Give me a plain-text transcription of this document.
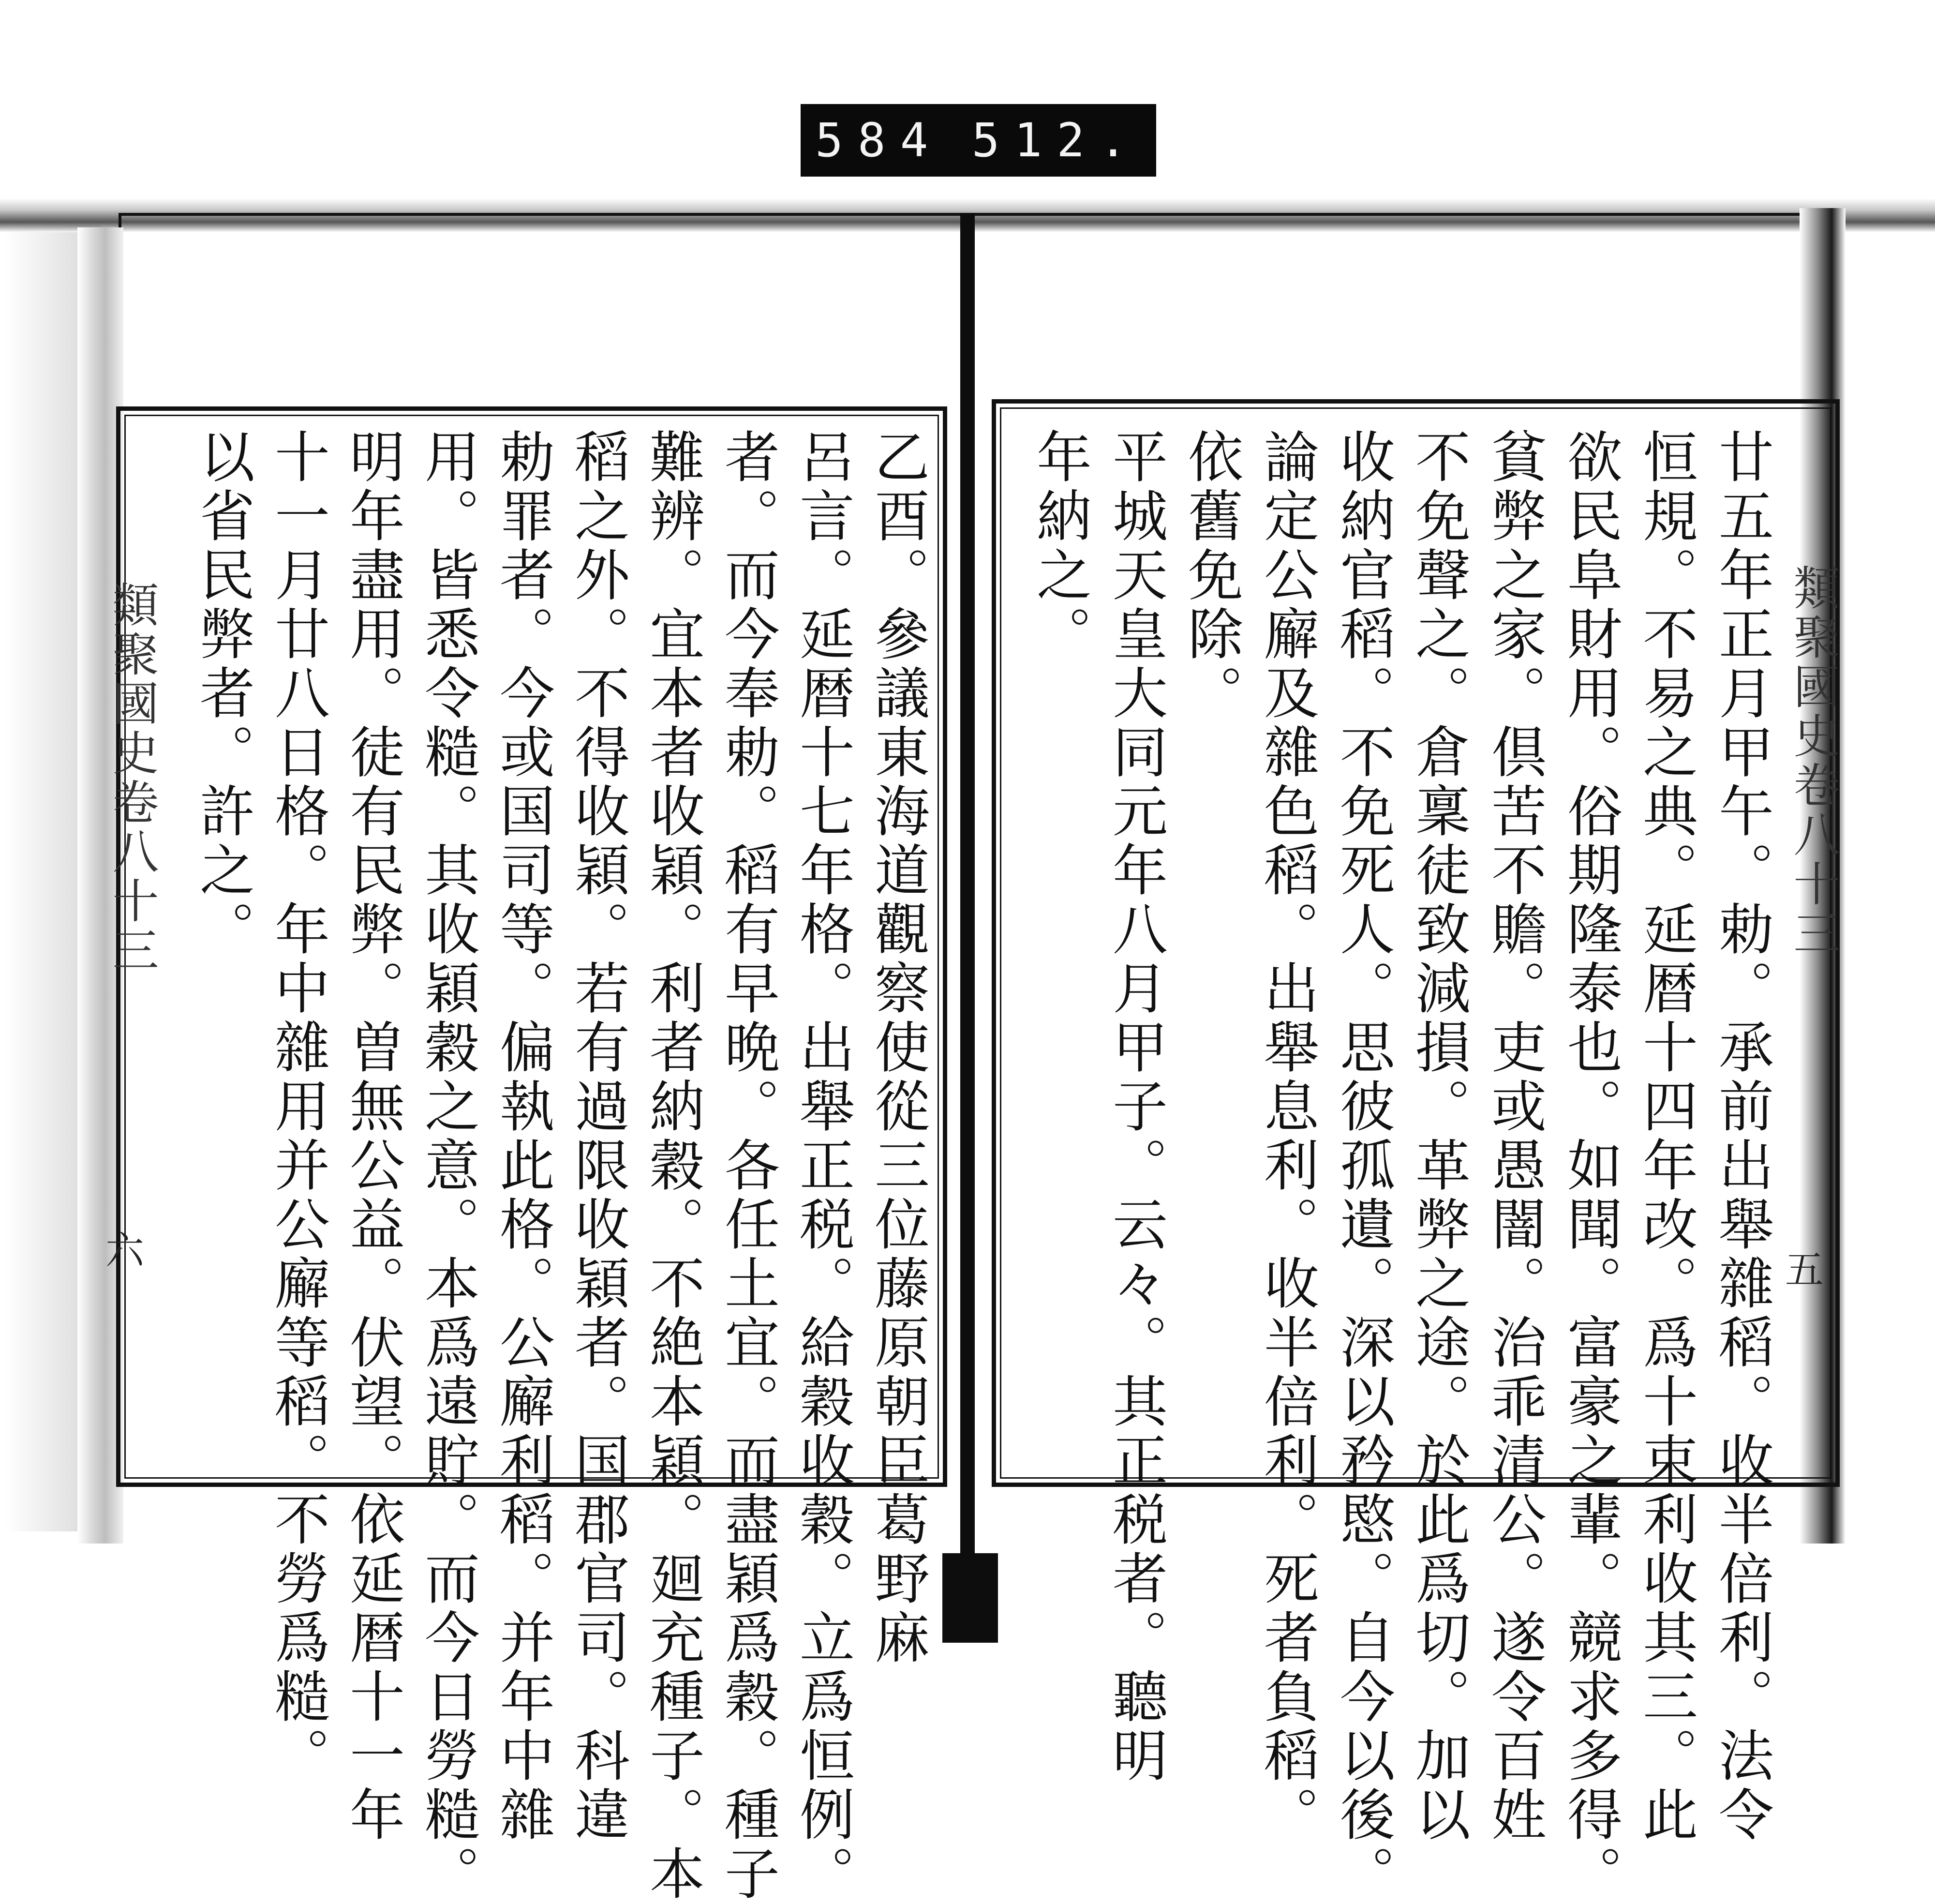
584 512.
類聚國史卷八十三
五
類聚國史卷八十三
六	廿五年正月甲午。勅。承前出舉雜稻。收半倍利。法令
恒規。不易之典。延暦十四年改。爲十束利收其三。此
欲民阜財用。俗期隆泰也。如聞。富豪之輩。競求多得。
貧弊之家。倶苦不贍。吏或愚闇。治乖清公。遂令百姓
不免聲之。倉稟徒致減損。革弊之途。於此爲切。加以
收納官稻。不免死人。思彼孤遺。深以矜愍。自今以後。
論定公廨及雜色稻。出舉息利。收半倍利。死者負稻。
依舊免除。
平城天皇大同元年八月甲子。云々。其正税者。聽明
年納之。
乙酉。參議東海道觀察使從三位藤原朝臣葛野麻
呂言。延暦十七年格。出舉正税。給穀收穀。立爲恒例。
者。而今奉勅。稻有早晩。各任土宜。而盡穎爲穀。種子
難辨。宜本者收穎。利者納穀。不絶本穎。廻充種子。本
稻之外。不得收穎。若有過限收穎者。国郡官司。科違
勅罪者。今或国司等。偏執此格。公廨利稻。并年中雜
用。皆悉令糙。其收穎穀之意。本爲遠貯。而今日勞糙。
明年盡用。徒有民弊。曽無公益。伏望。依延暦十一年
十一月廿八日格。年中雜用并公廨等稻。不勞爲糙。
以省民弊者。許之。
